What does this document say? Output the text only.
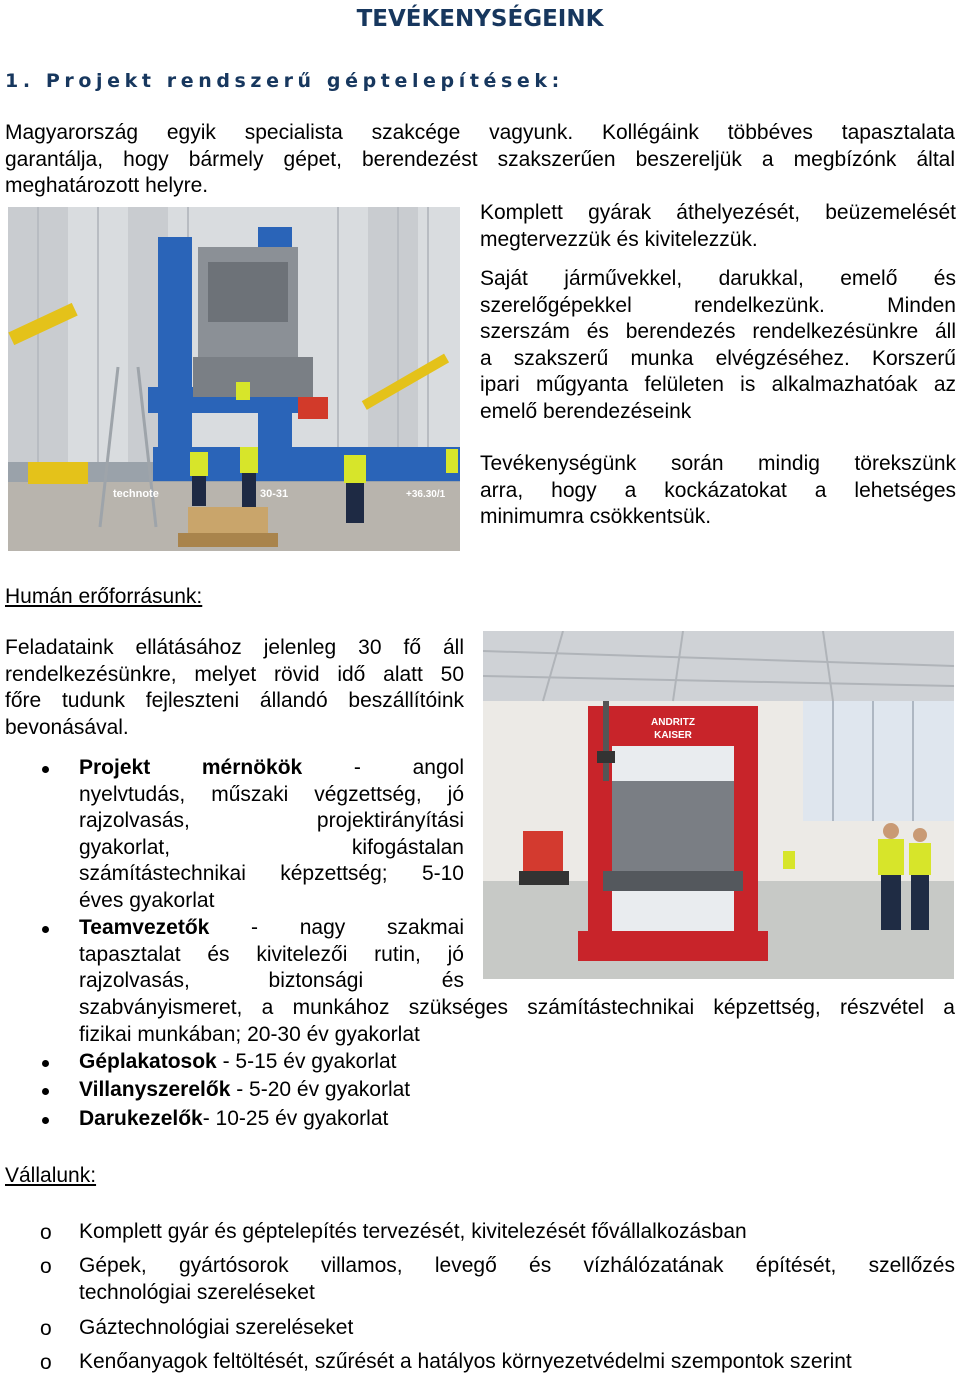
TEVÉKENYSÉGEINK
1. Projekt rendszerű géptelepítések:
Magyarország egyik specialista szakcége vagyunk. Kollégáink többéves tapasztalata
garantálja, hogy bármely gépet, berendezést szakszerűen beszereljük a megbízónk által
meghatározott helyre.
technote	30-31	+36.30/1
Komplett gyárak áthelyezését, beüzemelését
megtervezzük és kivitelezzük.
Saját járművekkel, darukkal, emelő és
szerelőgépekkel rendelkezünk. Minden
szerszám és berendezés rendelkezésünkre áll
a szakszerű munka elvégzéséhez. Korszerű
ipari műgyanta felületen is alkalmazhatóak az
emelő berendezéseink
Tevékenységünk során mindig törekszünk
arra, hogy a kockázatokat a lehetséges
minimumra csökkentsük.
Humán erőforrásunk:
Feladataink ellátásához jelenleg 30 fő áll
rendelkezésünkre, melyet rövid idő alatt 50
főre tudunk fejleszteni állandó beszállítóink
bevonásával.	ANDRITZ
KAISER
Projekt mérnökök - angol
nyelvtudás, műszaki végzettség, jó
rajzolvasás, projektirányítási
gyakorlat, kifogástalan
számítástechnikai képzettség; 5-10
éves gyakorlat
Teamvezetők - nagy szakmai
tapasztalat és kivitelezői rutin, jó
rajzolvasás, biztonsági és
szabványismeret, a munkához szükséges számítástechnikai képzettség, részvétel a
fizikai munkában; 20-30 év gyakorlat
Géplakatosok - 5-15 év gyakorlat
Villanyszerelők - 5-20 év gyakorlat
Darukezelők- 10-25 év gyakorlat
Vállalunk:
o Komplett gyár és géptelepítés tervezését, kivitelezését fővállalkozásban
o Gépek, gyártósorok villamos, levegő és vízhálózatának építését, szellőzés
technológiai szereléseket
o Gáztechnológiai szereléseket
o Kenőanyagok feltöltését, szűrését a hatályos környezetvédelmi szempontok szerint
